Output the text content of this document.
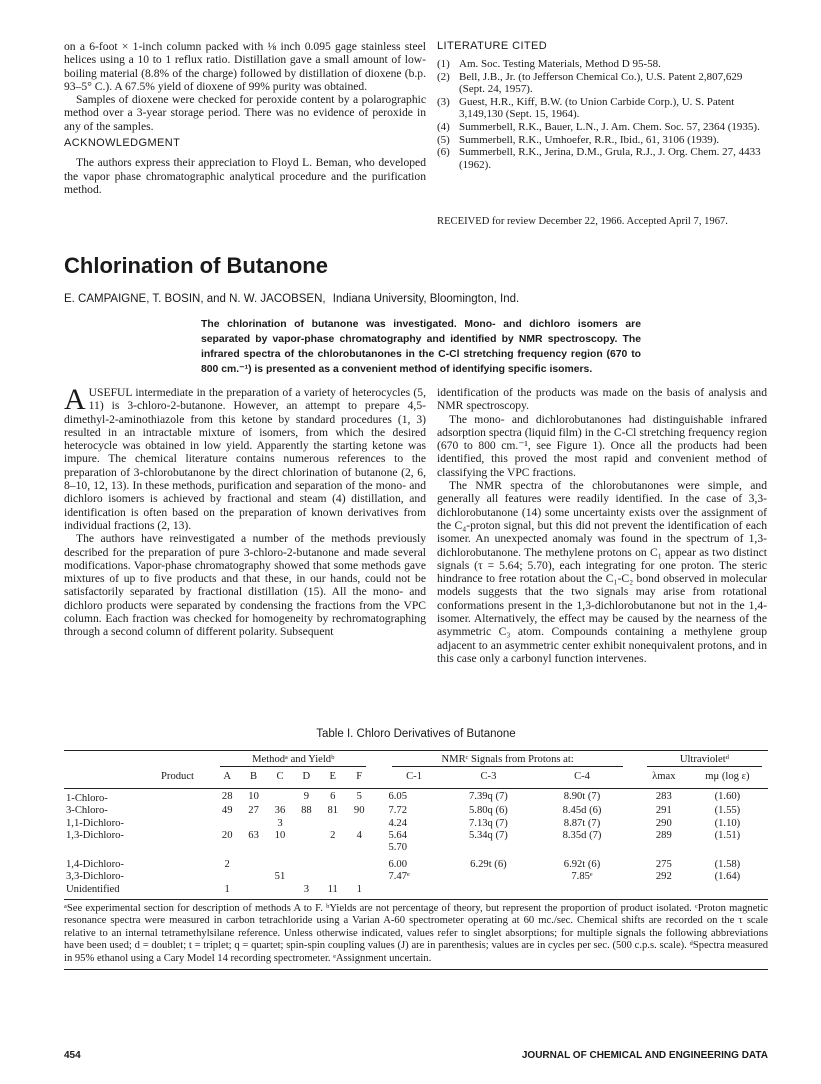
on a 6-foot × 1-inch column packed with ⅛ inch 0.095 gage stainless steel helices using a 10 to 1 reflux ratio. Distillation gave a small amount of low-boiling material (8.8% of the charge) followed by distillation of dioxene (b.p. 93–5° C.). A 67.5% yield of dioxene of 99% purity was obtained.

Samples of dioxene were checked for peroxide content by a polarographic method over a 3-year storage period. There was no evidence of peroxide in any of the samples.

ACKNOWLEDGMENT

The authors express their appreciation to Floyd L. Beman, who developed the vapor phase chromatographic analytical procedure and the purification method.

LITERATURE CITED
(1) Am. Soc. Testing Materials, Method D 95-58.
(2) Bell, J.B., Jr. (to Jefferson Chemical Co.), U.S. Patent 2,807,629 (Sept. 24, 1957).
(3) Guest, H.R., Kiff, B.W. (to Union Carbide Corp.), U. S. Patent 3,149,130 (Sept. 15, 1964).
(4) Summerbell, R.K., Bauer, L.N., J. Am. Chem. Soc. 57, 2364 (1935).
(5) Summerbell, R.K., Umhoefer, R.R., Ibid., 61, 3106 (1939).
(6) Summerbell, R.K., Jerina, D.M., Grula, R.J., J. Org. Chem. 27, 4433 (1962).
RECEIVED for review December 22, 1966. Accepted April 7, 1967.
Chlorination of Butanone
E. CAMPAIGNE, T. BOSIN, and N. W. JACOBSEN, Indiana University, Bloomington, Ind.
The chlorination of butanone was investigated. Mono- and dichloro isomers are separated by vapor-phase chromatography and identified by NMR spectroscopy. The infrared spectra of the chlorobutanones in the C-Cl stretching frequency region (670 to 800 cm.⁻¹) is presented as a convenient method of identifying specific isomers.

AUSEFUL intermediate in the preparation of a variety of heterocycles (5, 11) is 3-chloro-2-butanone. However, an attempt to prepare 4,5-dimethyl-2-aminothiazole from this ketone by standard procedures (1, 3) resulted in an intractable mixture of isomers, from which the desired heterocycle was obtained in low yield. Apparently the starting ketone was impure. The chemical literature contains numerous references to the preparation of 3-chlorobutanone by the direct chlorination of butanone (2, 6, 8–10, 12, 13). In these methods, purification and separation of the mono- and dichloro isomers is achieved by fractional and steam (4) distillation, and identification is often based on the preparation of known derivatives from individual fractions (2, 13).

The authors have reinvestigated a number of the methods previously described for the preparation of pure 3-chloro-2-butanone and made several modifications. Vapor-phase chromatography showed that some methods gave mixtures of up to five products and that these, in our hands, could not be satisfactorily separated by fractional distillation (15). All the mono- and dichloro products were separated by condensing the fractions from the VPC column. Each fraction was checked for homogeneity by rechromatographing through a second column of different polarity. Subsequent

identification of the products was made on the basis of analysis and NMR spectroscopy.

The mono- and dichlorobutanones had distinguishable infrared adsorption spectra (liquid film) in the C-Cl stretching frequency region (670 to 800 cm.⁻¹, see Figure 1). Once all the products had been identified, this proved the most rapid and convenient method of classifying the VPC fractions.

The NMR spectra of the chlorobutanones were simple, and generally all features were readily identified. In the case of 3,3-dichlorobutanone (14) some uncertainty exists over the assignment of the C₄-proton signal, but this did not prevent the identification of each isomer. An unexpected anomaly was found in the spectrum of 1,3-dichlorobutanone. The methylene protons on C₁ appear as two distinct signals (τ = 5.64; 5.70), each integrating for one proton. The steric hindrance to free rotation about the C₁-C₂ bond observed in molecular models suggests that the two signals may arise from rotational conformations present in the 1,3-dichlorobutanone but not in the 1,4-isomer. Alternatively, the effect may be caused by the nearness of the asymmetric C₃ atom. Compounds containing a methylene group adjacent to an asymmetric center exhibit nonequivalent protons, and in this case only a carbonyl function intervenes.

Table I. Chloro Derivatives of Butanone

	Methodᵃ and Yieldᵇ							NMRᶜ Signals from Protons at:				Ultravioletᵈ	

Product	A	B	C	D	E	F		C-1	C-3	C-4		λmax	mμ (log ε)
1-Chloro-	28	10		9	6	5		6.05	7.39q (7)	8.90t (7)		283	(1.60)
3-Chloro-	49	27	36	88	81	90		7.72	5.80q (6)	8.45d (6)		291	(1.55)
1,1-Dichloro-			3					4.24	7.13q (7)	8.87t (7)		290	(1.10)
1,3-Dichloro-	20	63	10		2	4		5.64	5.34q (7)	8.35d (7)		289	(1.51)
								5.70					
1,4-Dichloro-	2							6.00	6.29t (6)	6.92t (6)		275	(1.58)
3,3-Dichloro-			51					7.47ᵉ		7.85ᵉ		292	(1.64)
Unidentified	1			3	11	1							
ᵃSee experimental section for description of methods A to F. ᵇYields are not percentage of theory, but represent the proportion of product isolated. ᶜProton magnetic resonance spectra were measured in carbon tetrachloride using a Varian A-60 spectrometer operating at 60 mc./sec. Chemical shifts are recorded on the τ scale relative to an internal tetramethylsilane reference. Unless otherwise indicated, values refer to singlet absorptions; for multiple signals the following abbreviations have been used; d = doublet; t = triplet; q = quartet; spin-spin coupling values (J) are in parenthesis; values are in cycles per sec. (500 c.p.s. scale). ᵈSpectra measured in 95% ethanol using a Cary Model 14 recording spectrometer. ᵉAssignment uncertain.
454	JOURNAL OF CHEMICAL AND ENGINEERING DATA
